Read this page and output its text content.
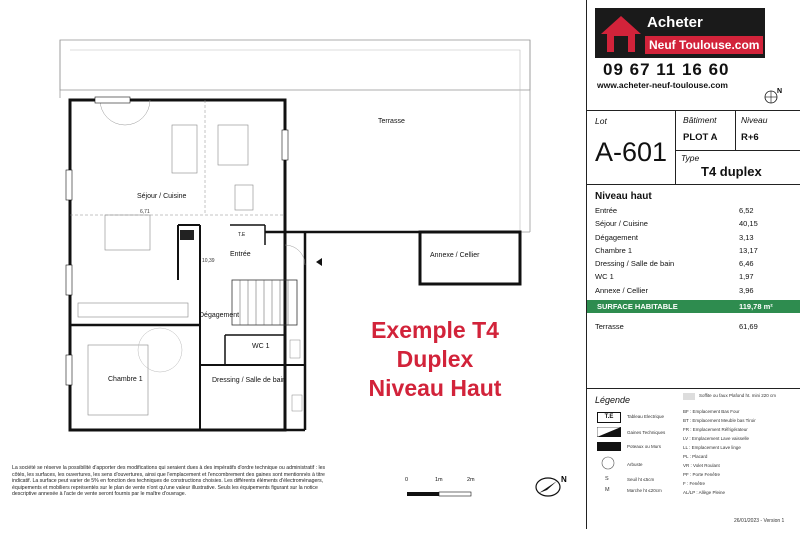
Terrasse
Séjour / Cuisine
6,71
Entrée
10,39
Annexe / Cellier
Dégagement
WC 1
Chambre 1	Dressing / Salle de bain
T.E
Exemple T4
Duplex
Niveau Haut
La société se réserve la possibilité d'apporter des modifications qui seraient dues à des impératifs d'ordre technique ou administratif : les côtés, les surfaces, les ouvertures, les sens d'ouvertures, ainsi que l'emplacement et l'encombrement des gaines sont mentionnés à titre indicatif. La surface peut varier de 5% en fonction des techniques de constructions choisies. Les différents éléments d'électroménagers, équipements et mobiliers représentés sur le plan de vente n'ont qu'une valeur illustrative. Seuls les équipements figurant sur la notice descriptive annexée à l'acte de vente seront fournis par le maître d'ouvrage.
0	1m	2m	N
Acheter
Neuf Toulouse.com
09 67 11 16 60
www.acheter-neuf-toulouse.com
N
Lot
A-601
Bâtiment
PLOT A
Niveau
R+6
Type
T4 duplex
Niveau haut
Entrée	6,52
Séjour / Cuisine	40,15
Dégagement	3,13
Chambre 1	13,17
Dressing / Salle de bain	6,46
WC 1	1,97
Annexe / Cellier	3,96
SURFACE HABITABLE	119,78 m²
Terrasse	61,69
Légende
T.E	Tableau Electrique
Gaines Techniques
Poteaux ou Murs
Arbuste
S	Seuil ht ≤5cm
M	Marche ht ≤20cm
Soffite ou faux Plafond ht. mini 220 cm
BF : Emplacement Bas Four
BT : Emplacement Meuble bas Tiroir
FR : Emplacement Réfrigérateur
LV : Emplacement Lave vaisselle
LL : Emplacement Lave linge
PL : Placard
VR : Volet Roulant
PF : Porte Fenêtre
F : Fenêtre
AL/LP : Allège Pleine
26/01/2023 - Version 1
